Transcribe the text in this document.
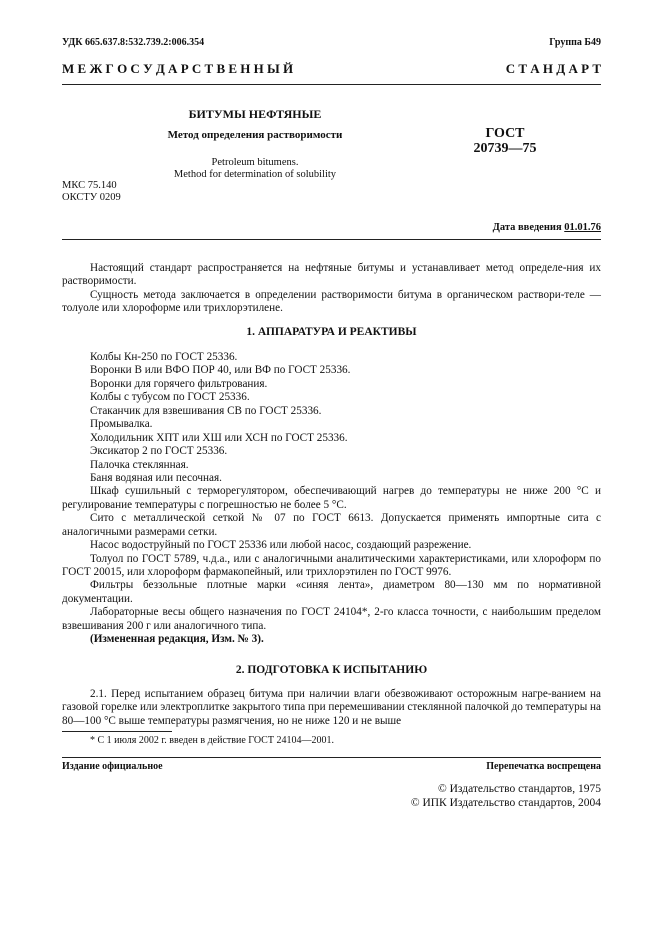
УДК 665.637.8:532.739.2:006.354	Группа Б49
М Е Ж Г О С У Д А Р С Т В Е Н Н Ы Й	С Т А Н Д А Р Т
БИТУМЫ НЕФТЯНЫЕ
Метод определения растворимости
Petroleum bitumens.
Method for determination of solubility
ГОСТ
20739—75
МКС 75.140
ОКСТУ 0209
Дата введения 01.01.76

Настоящий стандарт распространяется на нефтяные битумы и устанавливает метод определе-ния их растворимости.

Сущность метода заключается в определении растворимости битума в органическом раствори-теле — толуоле или хлороформе или трихлорэтилене.

1. АППАРАТУРА И РЕАКТИВЫ

Колбы Кн-250 по ГОСТ 25336.

Воронки В или ВФО ПОР 40, или ВФ по ГОСТ 25336.

Воронки для горячего фильтрования.

Колбы с тубусом по ГОСТ 25336.

Стаканчик для взвешивания СВ по ГОСТ 25336.

Промывалка.

Холодильник ХПТ или ХШ или ХСН по ГОСТ 25336.

Эксикатор 2 по ГОСТ 25336.

Палочка стеклянная.

Баня водяная или песочная.

Шкаф сушильный с терморегулятором, обеспечивающий нагрев до температуры не ниже 200 °С и регулирование температуры с погрешностью не более 5 °С.

Сито с металлической сеткой № 07 по ГОСТ 6613. Допускается применять импортные сита с аналогичными размерами сетки.

Насос водоструйный по ГОСТ 25336 или любой насос, создающий разрежение.

Толуол по ГОСТ 5789, ч.д.а., или с аналогичными аналитическими характеристиками, или хлороформ по ГОСТ 20015, или хлороформ фармакопейный, или трихлорэтилен по ГОСТ 9976.

Фильтры беззольные плотные марки «синяя лента», диаметром 80—130 мм по нормативной документации.

Лабораторные весы общего назначения по ГОСТ 24104*, 2-го класса точности, с наибольшим пределом взвешивания 200 г или аналогичного типа.

(Измененная редакция, Изм. № 3).

2. ПОДГОТОВКА К ИСПЫТАНИЮ

2.1. Перед испытанием образец битума при наличии влаги обезвоживают осторожным нагре-ванием на газовой горелке или электроплитке закрытого типа при перемешивании стеклянной палочкой до температуры на 80—100 °С выше температуры размягчения, но не ниже 120 и не выше

* С 1 июля 2002 г. введен в действие ГОСТ 24104—2001.
Издание официальное	Перепечатка воспрещена
© Издательство стандартов, 1975
© ИПК Издательство стандартов, 2004
